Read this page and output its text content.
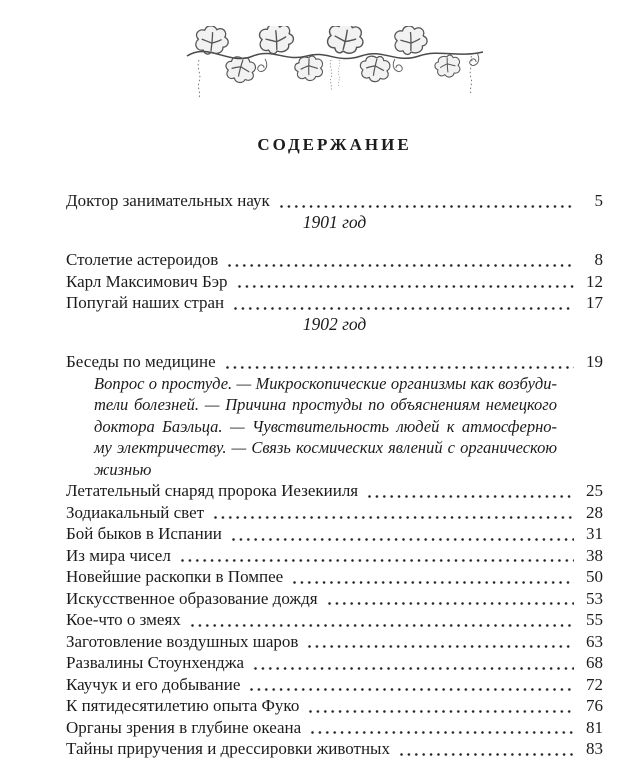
СОДЕРЖАНИЕ
Доктор занимательных наук	5
1901 год
Столетие астероидов	8
Карл Максимович Бэр	12
Попугай наших стран	17
1902 год
Беседы по медицине	19
Вопрос о простуде. — Микроскопические организмы как возбуди-
тели болезней. — Причина простуды по объяснениям немецкого
доктора Баэльца. — Чувствительность людей к атмосферно-
му электричеству. — Связь космических явлений с органическою
жизнью
Летательный снаряд пророка Иезекииля	25
Зодиакальный свет	28
Бой быков в Испании	31
Из мира чисел	38
Новейшие раскопки в Помпее	50
Искусственное образование дождя	53
Кое-что о змеях	55
Заготовление воздушных шаров	63
Развалины Стоунхенджа	68
Каучук и его добывание	72
К пятидесятилетию опыта Фуко	76
Органы зрения в глубине океана	81
Тайны приручения и дрессировки животных	83
